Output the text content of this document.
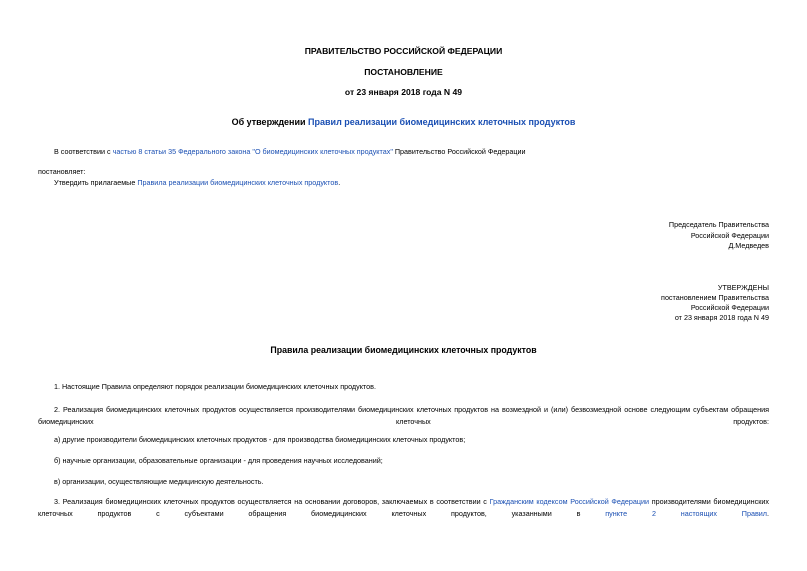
ПРАВИТЕЛЬСТВО РОССИЙСКОЙ ФЕДЕРАЦИИ
ПОСТАНОВЛЕНИЕ
от 23 января 2018 года N 49
Об утверждении Правил реализации биомедицинских клеточных продуктов
В соответствии с частью 8 статьи 35 Федерального закона "О биомедицинских клеточных продуктах" Правительство Российской Федерации
постановляет:
Утвердить прилагаемые Правила реализации биомедицинских клеточных продуктов.
Председатель Правительства
Российской Федерации
Д.Медведев
УТВЕРЖДЕНЫ
постановлением Правительства
Российской Федерации
от 23 января 2018 года N 49
Правила реализации биомедицинских клеточных продуктов
1. Настоящие Правила определяют порядок реализации биомедицинских клеточных продуктов.
2. Реализация биомедицинских клеточных продуктов осуществляется производителями биомедицинских клеточных продуктов на возмездной и (или) безвозмездной основе следующим субъектам обращения биомедицинских клеточных продуктов:
а) другие производители биомедицинских клеточных продуктов - для производства биомедицинских клеточных продуктов;
б) научные организации, образовательные организации - для проведения научных исследований;
в) организации, осуществляющие медицинскую деятельность.
3. Реализация биомедицинских клеточных продуктов осуществляется на основании договоров, заключаемых в соответствии с Гражданским кодексом Российской Федерации производителями биомедицинских клеточных продуктов с субъектами обращения биомедицинских клеточных продуктов, указанными в пункте 2 настоящих Правил.
